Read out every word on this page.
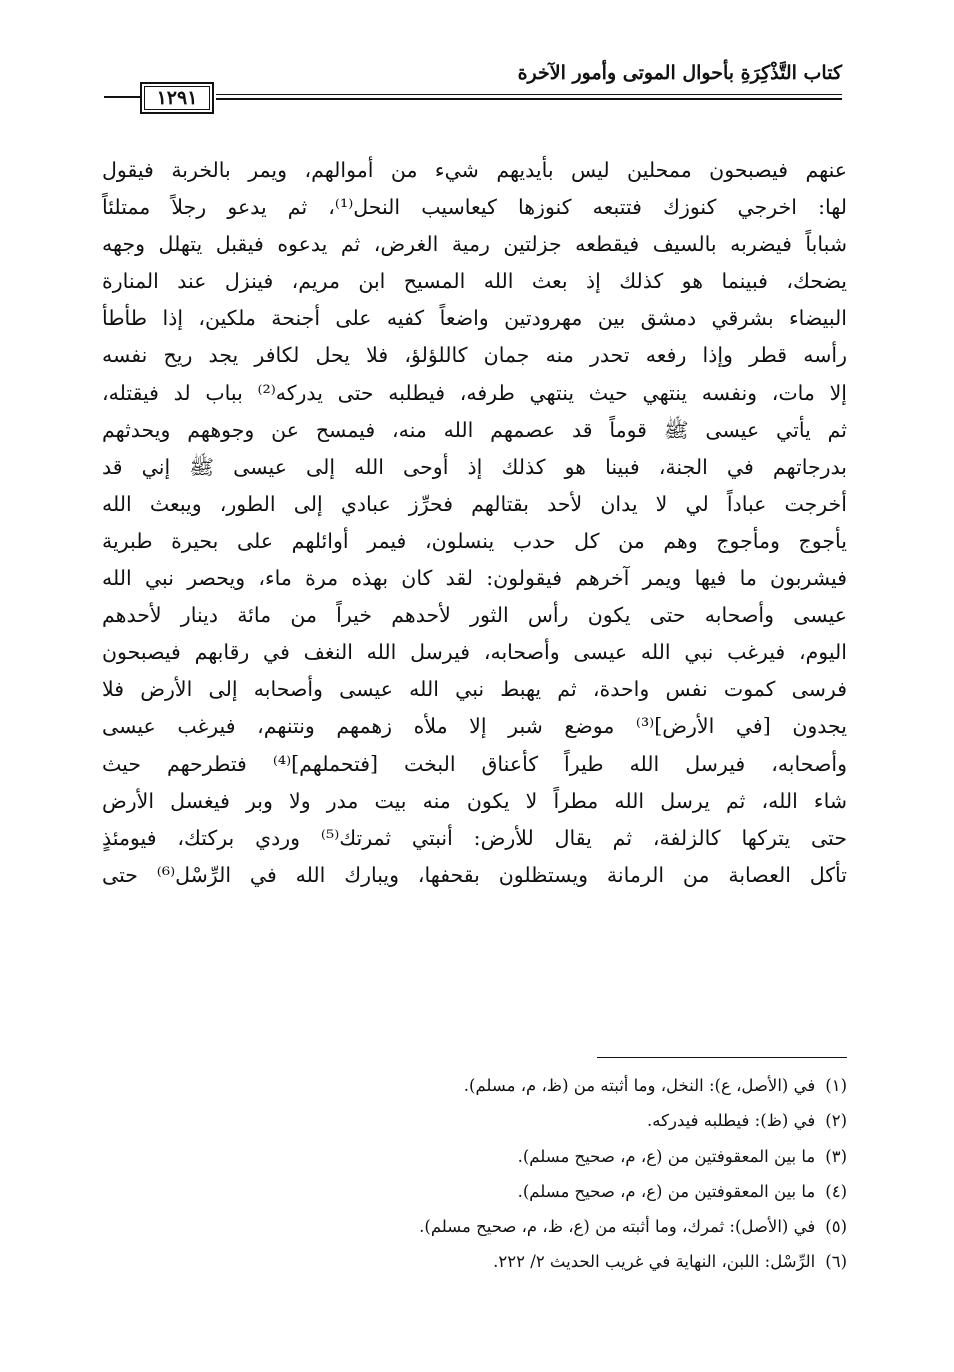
كتاب التَّذْكِرَةِ بأحوال الموتى وأمور الآخرة
١٢٩١
عنهم فيصبحون ممحلين ليس بأيديهم شيء من أموالهم، ويمر بالخربة فيقول
لها: اخرجي كنوزك فتتبعه كنوزها كيعاسيب النحل⁽¹⁾، ثم يدعو رجلاً ممتلئاً
شباباً فيضربه بالسيف فيقطعه جزلتين رمية الغرض، ثم يدعوه فيقبل يتهلل وجهه
يضحك، فبينما هو كذلك إذ بعث الله المسيح ابن مريم، فينزل عند المنارة
البيضاء بشرقي دمشق بين مهرودتين واضعاً كفيه على أجنحة ملكين، إذا طأطأ
رأسه قطر وإذا رفعه تحدر منه جمان كاللؤلؤ، فلا يحل لكافر يجد ريح نفسه
إلا مات، ونفسه ينتهي حيث ينتهي طرفه، فيطلبه حتى يدركه⁽²⁾ بباب لد فيقتله،
ثم يأتي عيسى ﷺ قوماً قد عصمهم الله منه، فيمسح عن وجوههم ويحدثهم
بدرجاتهم في الجنة، فبينا هو كذلك إذ أوحى الله إلى عيسى ﷺ إني قد
أخرجت عباداً لي لا يدان لأحد بقتالهم فحرِّز عبادي إلى الطور، ويبعث الله
يأجوج ومأجوج وهم من كل حدب ينسلون، فيمر أوائلهم على بحيرة طبرية
فيشربون ما فيها ويمر آخرهم فيقولون: لقد كان بهذه مرة ماء، ويحصر نبي الله
عيسى وأصحابه حتى يكون رأس الثور لأحدهم خيراً من مائة دينار لأحدهم
اليوم، فيرغب نبي الله عيسى وأصحابه، فيرسل الله النغف في رقابهم فيصبحون
فرسى كموت نفس واحدة، ثم يهبط نبي الله عيسى وأصحابه إلى الأرض فلا
يجدون [في الأرض]⁽³⁾ موضع شبر إلا ملأه زهمهم ونتنهم، فيرغب عيسى
وأصحابه، فيرسل الله طيراً كأعناق البخت [فتحملهم]⁽⁴⁾ فتطرحهم حيث
شاء الله، ثم يرسل الله مطراً لا يكون منه بيت مدر ولا وبر فيغسل الأرض
حتى يتركها كالزلفة، ثم يقال للأرض: أنبتي ثمرتك⁽⁵⁾ وردي بركتك، فيومئذٍ
تأكل العصابة من الرمانة ويستظلون بقحفها، ويبارك الله في الرِّسْل⁽⁶⁾ حتى
(١)في (الأصل، ع): النخل، وما أثبته من (ظ، م، مسلم).
(٢)في (ظ): فيطلبه فيدركه.
(٣)ما بين المعقوفتين من (ع، م، صحيح مسلم).
(٤)ما بين المعقوفتين من (ع، م، صحيح مسلم).
(٥)في (الأصل): ثمرك، وما أثبته من (ع، ظ، م، صحيح مسلم).
(٦)الرِّسْل: اللبن، النهاية في غريب الحديث ٢/ ٢٢٢.
